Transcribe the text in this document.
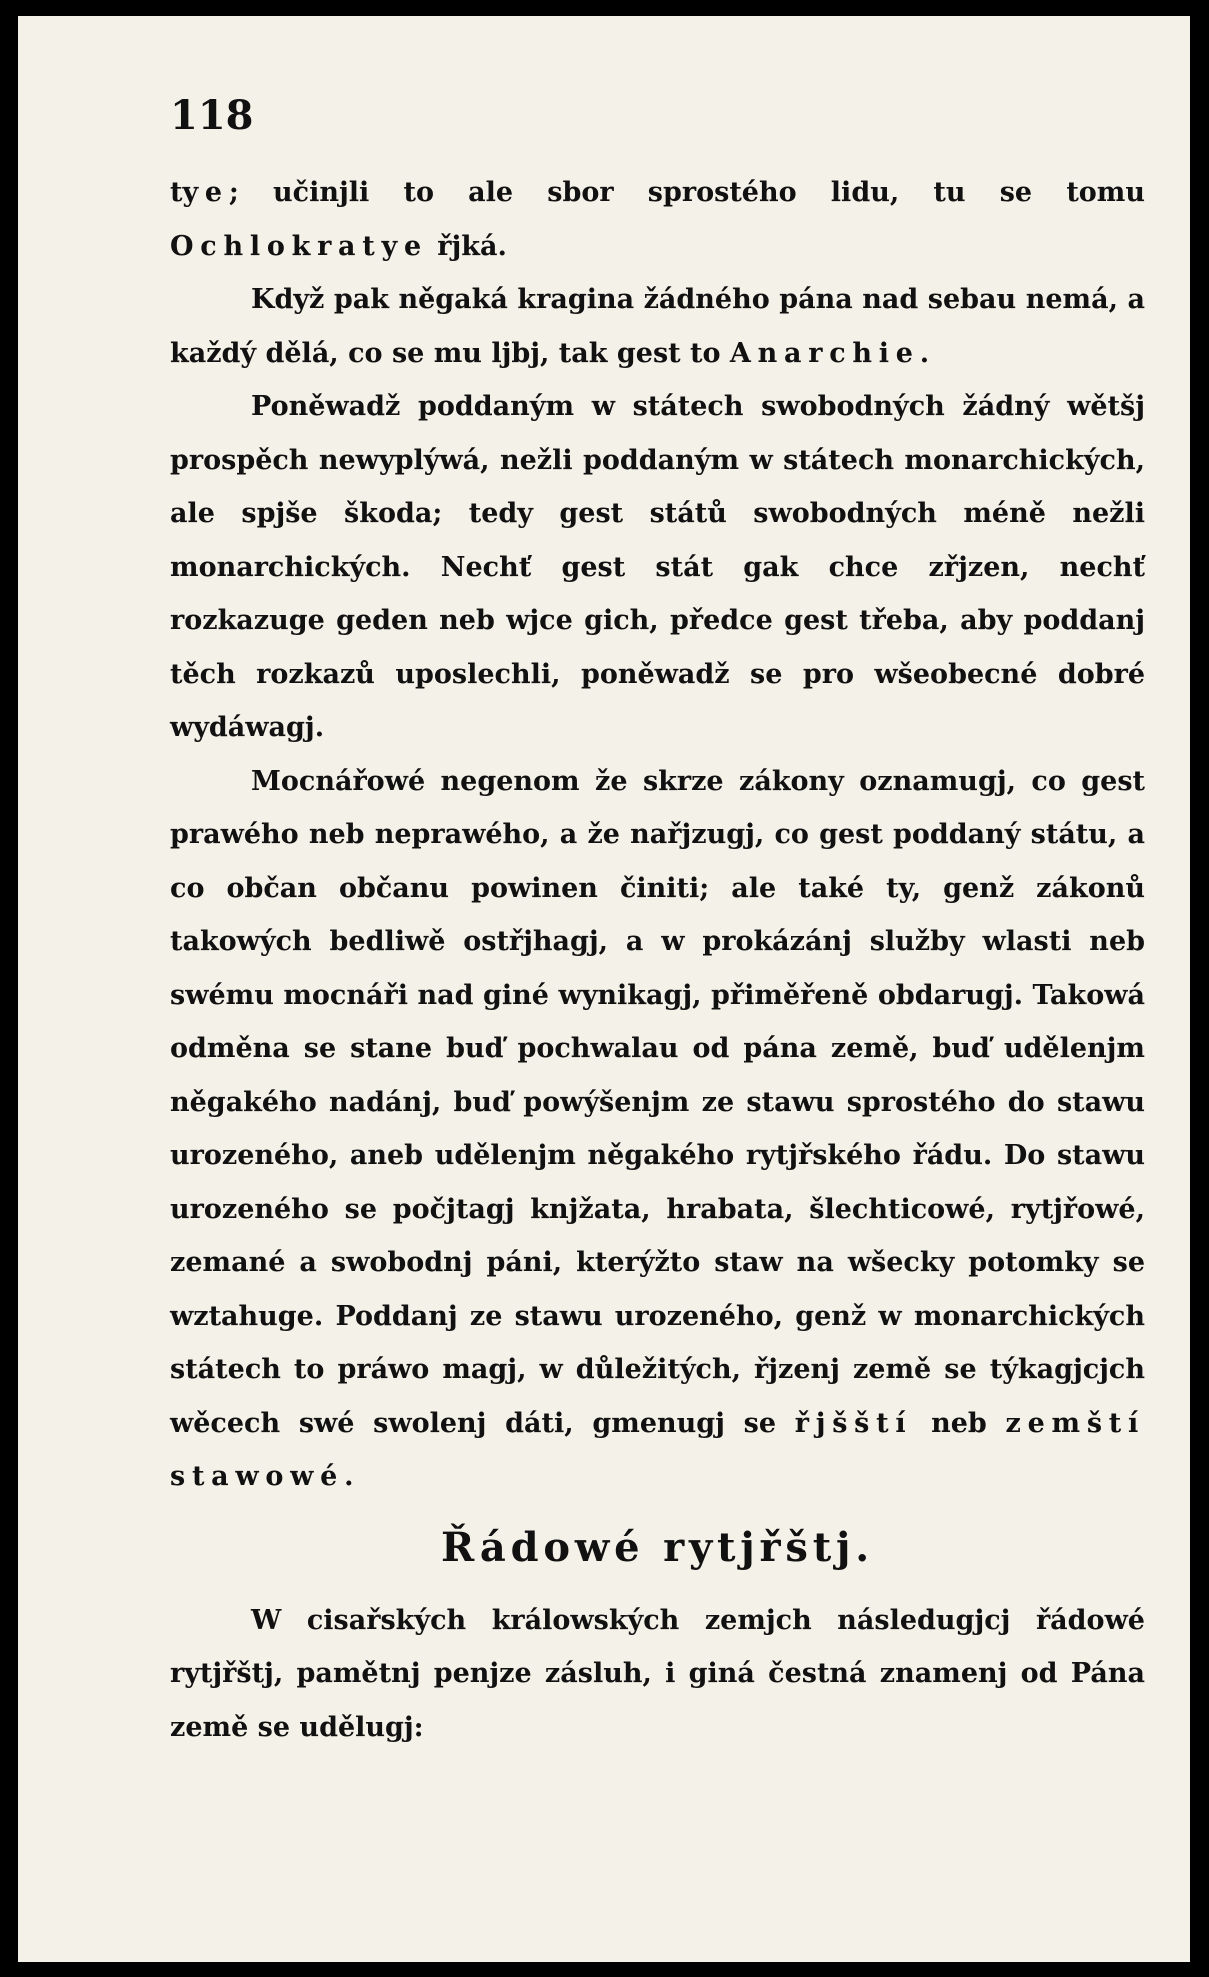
118

tye; učinjli to ale sbor sprostého lidu, tu se tomu Ochlokratye řjká.

Když pak něgaká kragina žádného pána nad sebau nemá, a každý dělá, co se mu ljbj, tak gest to Anarchie.

Poněwadž poddaným w státech swobodných žádný wětšj prospěch newyplýwá, nežli poddaným w státech monarchických, ale spjše škoda; tedy gest států swobodných méně nežli monarchických. Nechť gest stát gak chce zřjzen, nechť rozkazuge geden neb wjce gich, předce gest třeba, aby poddanj těch rozkazů uposlechli, poněwadž se pro wšeobecné dobré wydáwagj.

Mocnářowé negenom že skrze zákony oznamugj, co gest prawého neb neprawého, a že nařjzugj, co gest poddaný státu, a co občan občanu powinen činiti; ale také ty, genž zákonů takowých bedliwě ostřjhagj, a w prokázánj služby wlasti neb swému mocnáři nad giné wynikagj, přiměřeně obdarugj. Takowá odměna se stane buď pochwalau od pána země, buď udělenjm něgakého nadánj, buď powýšenjm ze stawu sprostého do stawu urozeného, aneb udělenjm něgakého rytjřského řádu. Do stawu urozeného se počjtagj knjžata, hrabata, šlechticowé, rytjřowé, zemané a swobodnj páni, kterýžto staw na wšecky potomky se wztahuge. Poddanj ze stawu urozeného, genž w monarchických státech to práwo magj, w důležitých, řjzenj země se týkagjcjch wěcech swé swolenj dáti, gmenugj se řjšští neb zemští stawowé.

Řádowé rytjřštj.

W cisařských králowských zemjch následugjcj řádowé rytjřštj, pamětnj penjze zásluh, i giná čestná znamenj od Pána země se udělugj:
